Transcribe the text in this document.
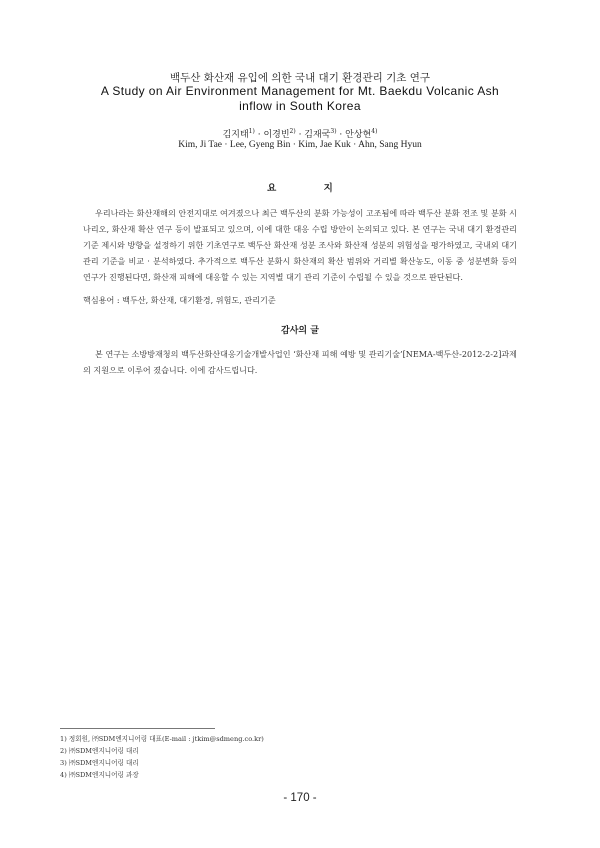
백두산 화산재 유입에 의한 국내 대기 환경관리 기초 연구
A Study on Air Environment Management for Mt. Baekdu Volcanic Ash inflow in South Korea
김지태$^{1)}$ · 이경빈$^{2)}$ · 김재국$^{3)}$ · 안상현$^{4)}$
Kim, Ji Tae · Lee, Gyeng Bin · Kim, Jae Kuk · Ahn, Sang Hyun
요 지

우리나라는 화산재해의 안전지대로 여겨졌으나 최근 백두산의 분화 가능성이 고조됨에 따라 백두산 분화 전조 및 분화 시나리오, 화산재 확산 연구 등이 발표되고 있으며, 이에 대한 대응 수립 방안이 논의되고 있다. 본 연구는 국내 대기 환경관리 기준 제시와 방향을 설정하기 위한 기초연구로 백두산 화산재 성분 조사와 화산재 성분의 위험성을 평가하였고, 국내외 대기관리 기준을 비교 · 분석하였다. 추가적으로 백두산 분화시 화산재의 확산 범위와 거리별 확산농도, 이동 중 성분변화 등의 연구가 진행된다면, 화산재 피해에 대응할 수 있는 지역별 대기 관리 기준이 수립될 수 있을 것으로 판단된다.

핵심용어 : 백두산, 화산재, 대기환경, 위험도, 관리기준

감사의 글

본 연구는 소방방재청의 백두산화산대응기술개발사업인 ‘화산재 피해 예방 및 관리기술’[NEMA-백두산-2012-2-2]과제의 지원으로 이루어 졌습니다. 이에 감사드립니다.

1) 정회원, ㈜SDM엔지니어링 대표(E-mail : jtkim@sdmeng.co.kr)
2) ㈜SDM엔지니어링 대리
3) ㈜SDM엔지니어링 대리
4) ㈜SDM엔지니어링 과장
- 170 -
